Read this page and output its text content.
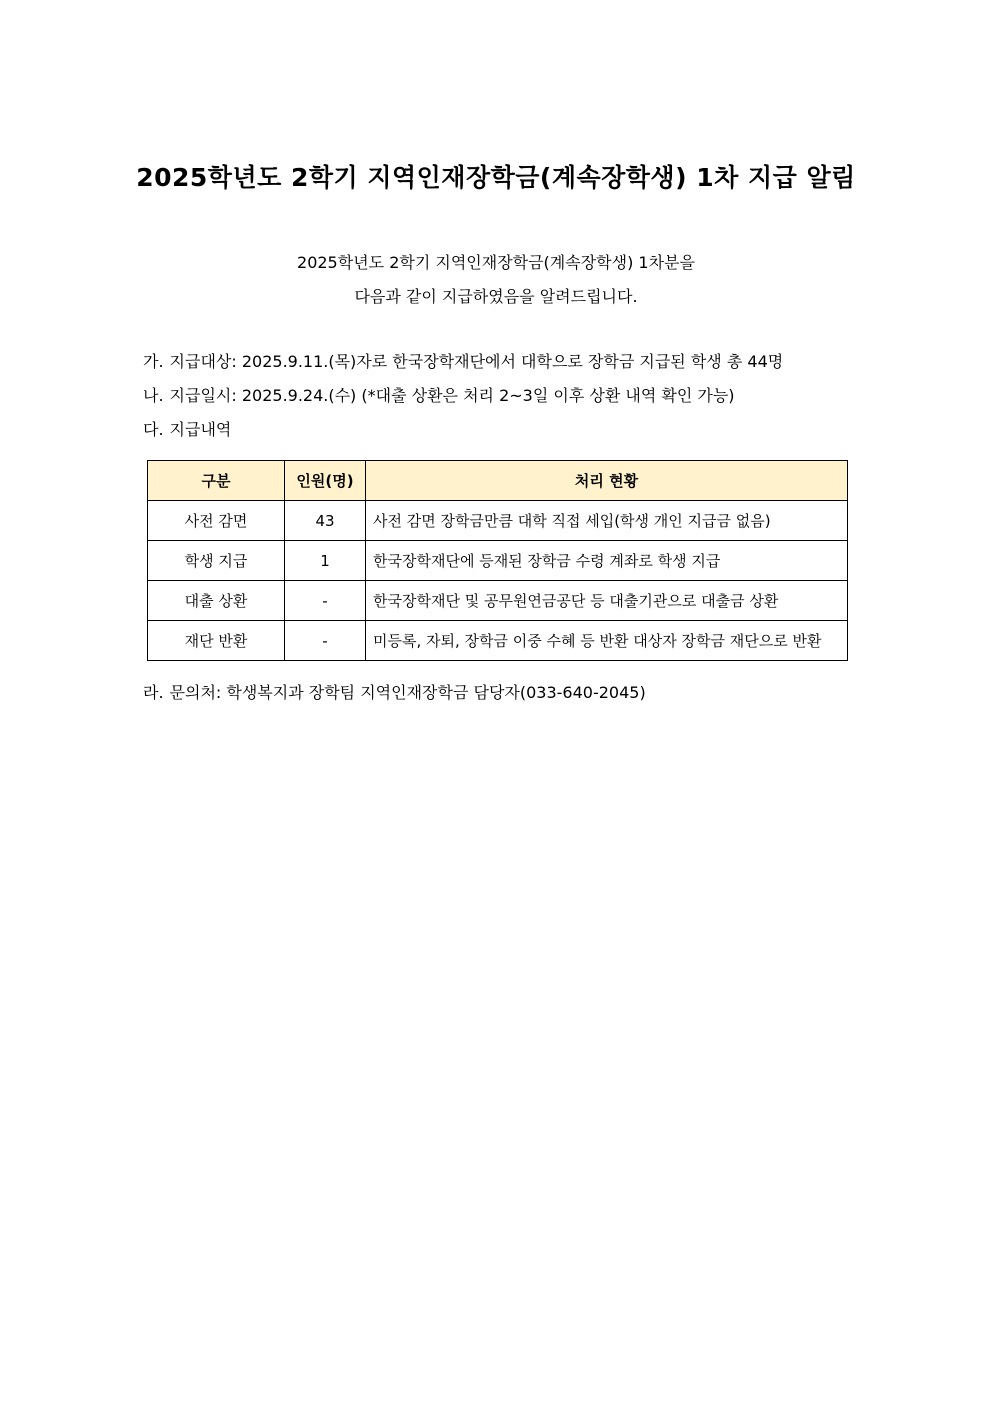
2025학년도 2학기 지역인재장학금(계속장학생) 1차 지급 알림
2025학년도 2학기 지역인재장학금(계속장학생) 1차분을
다음과 같이 지급하였음을 알려드립니다.
가. 지급대상: 2025.9.11.(목)자로 한국장학재단에서 대학으로 장학금 지급된 학생 총 44명
나. 지급일시: 2025.9.24.(수) (*대출 상환은 처리 2~3일 이후 상환 내역 확인 가능)
다. 지급내역
구분	인원(명)	처리 현황
사전 감면	43	사전 감면 장학금만큼 대학 직접 세입(학생 개인 지급금 없음)
학생 지급	1	한국장학재단에 등재된 장학금 수령 계좌로 학생 지급
대출 상환	-	한국장학재단 및 공무원연금공단 등 대출기관으로 대출금 상환
재단 반환	-	미등록, 자퇴, 장학금 이중 수혜 등 반환 대상자 장학금 재단으로 반환
라. 문의처: 학생복지과 장학팀 지역인재장학금 담당자(033-640-2045)
